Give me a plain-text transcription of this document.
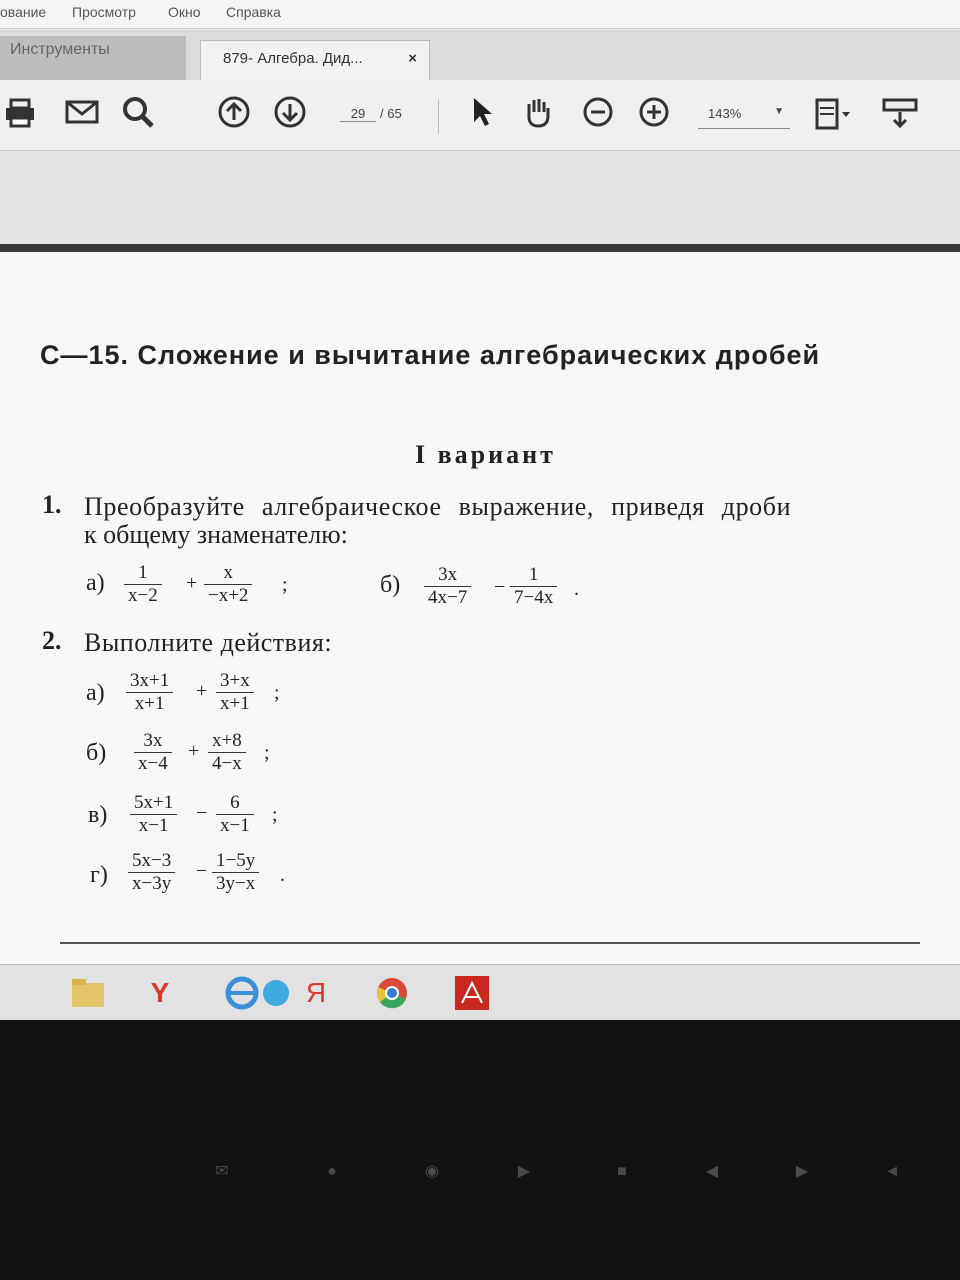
ование Просмотр Окно Справка
Инструменты
879- Алгебра. Дид...	×
29	/ 65	143%	▼
С—15. Сложение и вычитание алгебраических дробей
I вариант
1. Преобразуйте алгебраическое выражение, приведя дроби
к общему знаменателю:
$а) \frac{1}{x-2} + \frac{x}{-x+2}$ ;	$б) \frac{3x}{4x-7} - \frac{1}{7-4x}$ .
2. Выполните действия:
$а) \frac{3x+1}{x+1} + \frac{3+x}{x+1}$ ;
$б) \frac{3x}{x-4} + \frac{x+8}{4-x}$ ;
$в) \frac{5x+1}{x-1} - \frac{6}{x-1}$ ;
$г) \frac{5x-3}{x-3y} - \frac{1-5y}{3y-x}$ .
Y	Я
✉	●	◉	▶	■	◀	▶	◄
